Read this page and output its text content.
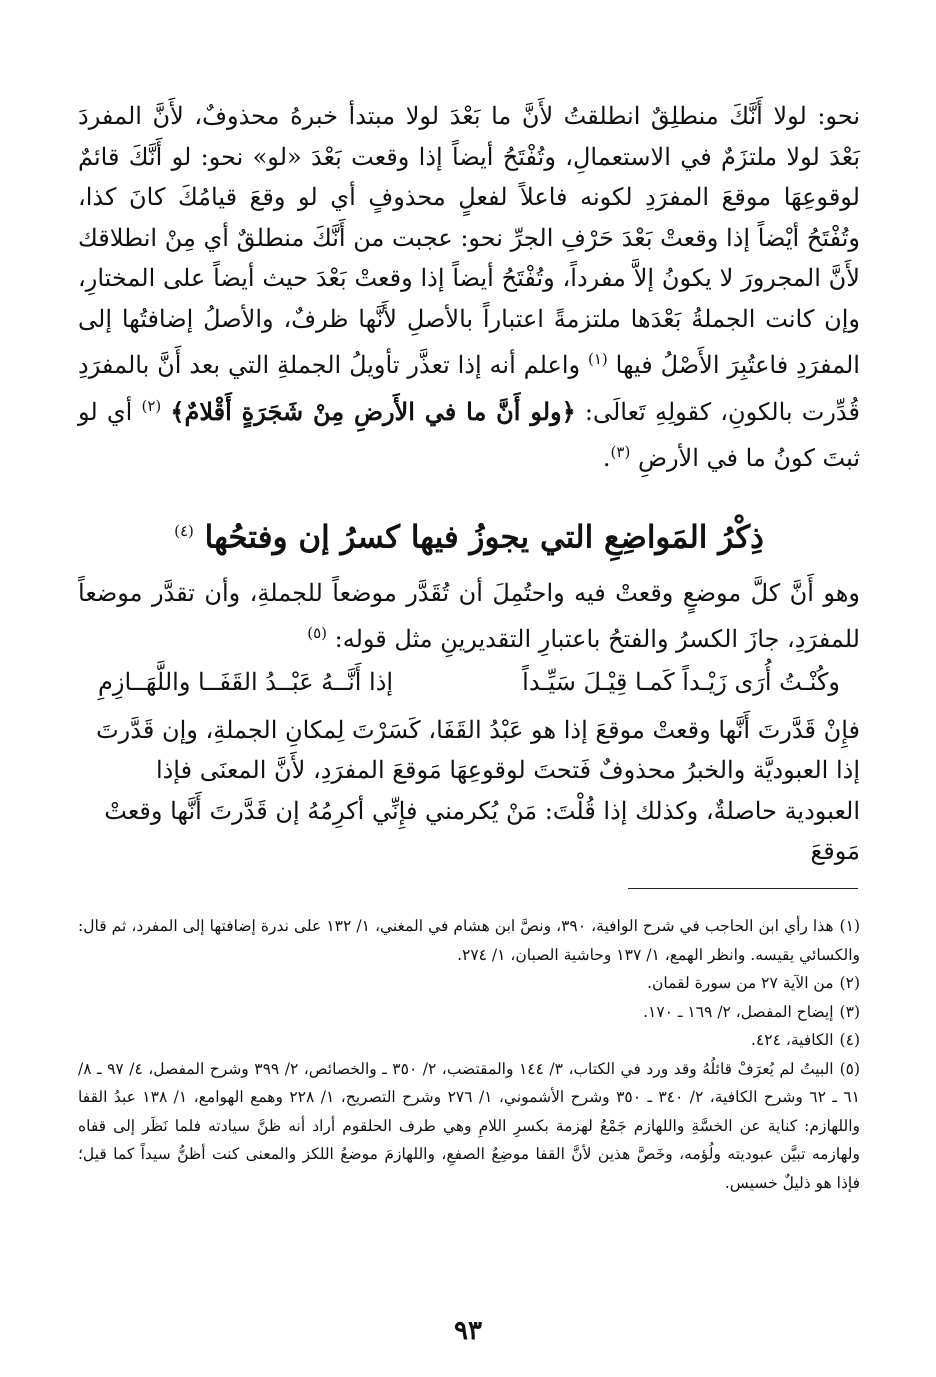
نحو: لولا أَنَّكَ منطلِقٌ انطلقتُ لأَنَّ ما بَعْدَ لولا مبتدأ خبرهُ محذوفٌ، لأَنَّ المفردَ بَعْدَ لولا ملتزَمٌ في الاستعمالِ، وتُفْتَحُ أيضاً إذا وقعت بَعْدَ «لو» نحو: لو أَنَّكَ قائمٌ لوقوعِهَا موقعَ المفرَدِ لكونه فاعلاً لفعلٍ محذوفٍ أي لو وقعَ قيامُكَ كانَ كذا، وتُفْتَحُ أيْضاً إذا وقعتْ بَعْدَ حَرْفِ الجرِّ نحو: عجبت من أَنَّكَ منطلقٌ أي مِنْ انطلاقك لأَنَّ المجرورَ لا يكونُ إلاَّ مفرداً، وتُفْتَحُ أيضاً إذا وقعتْ بَعْدَ حيث أيضاً على المختارِ، وإن كانت الجملةُ بَعْدَها ملتزمةً اعتباراً بالأصلِ لأَنَّها ظرفٌ، والأصلُ إضافتُها إلى المفرَدِ فاعتُبِرَ الأَصْلُ فيها $^{(١)}$ واعلم أنه إذا تعذَّر تأويلُ الجملةِ التي بعد أَنَّ بالمفرَدِ قُدِّرت بالكونِ، كقولِهِ تَعالَى: ﴿ولو أَنَّ ما في الأَرضِ مِنْ شَجَرَةٍ أَقْلامٌ﴾ $^{(٢)}$ أي لو ثبتَ كونُ ما في الأرضِ $^{(٣)}$.

ذِكْرُ المَواضِعِ التي يجوزُ فيها كسرُ إن وفتحُها $^{(٤)}$

وهو أَنَّ كلَّ موضعٍ وقعتْ فيه واحتُمِلَ أن تُقَدَّر موضعاً للجملةِ، وأن تقدَّر موضعاً للمفرَدِ، جازَ الكسرُ والفتحُ باعتبارِ التقديرينِ مثل قوله: $^{(٥)}$

وكُنْـتُ أُرَى زَيْـداً كَمـا قِيْـلَ سَيِّـداً
إذا أَنَّــهُ عَبْــدُ القَفَــا واللَّهَــازِمِ

فإِنْ قَدَّرتَ أَنَّها وقعتْ موقعَ إذا هو عَبْدُ القَفَا، كَسَرْتَ لِمكانِ الجملةِ، وإن قَدَّرتَ إذا العبوديَّة والخبرُ محذوفٌ فَتحتَ لوقوعِهَا مَوقعَ المفرَدِ، لأَنَّ المعنَى فإذا العبودية حاصلةٌ، وكذلك إذا قُلْتَ: مَنْ يُكرمني فإِنِّي أكرِمُهُ إن قَدَّرتَ أَنَّها وقعتْ مَوقعَ

(١)هذا رأي ابن الحاجب في شرح الوافية، ٣٩٠، ونصَّ ابن هشام في المغني، ١/ ١٣٢ على ندرة إضافتها إلى المفرد، ثم قال: والكسائي يقيسه. وانظر الهمع، ١/ ١٣٧ وحاشية الصبان، ١/ ٢٧٤.

(٢)من الآية ٢٧ من سورة لقمان.

(٣)إيضاح المفصل، ٢/ ١٦٩ ـ ١٧٠.

(٤)الكافية، ٤٢٤.

(٥)البيتُ لم يُعرَفْ قائلُهُ وقد ورد في الكتاب، ٣/ ١٤٤ والمقتضب، ٢/ ٣٥٠ ـ والخصائص، ٢/ ٣٩٩ وشرح المفصل، ٤/ ٩٧ ـ ٨/ ٦١ ـ ٦٢ وشرح الكافية، ٢/ ٣٤٠ ـ ٣٥٠ وشرح الأشموني، ١/ ٢٧٦ وشرح التصريح، ١/ ٢٢٨ وهمع الهوامع، ١/ ١٣٨ عبدُ القفا واللهازم: كناية عن الخسَّةِ واللهازم جَمْعُ لهزمة بكسرِ اللامِ وهي طرف الحلقوم أراد أنه ظنَّ سيادته فلما نَظَر إلى قفاه ولهازمه تبيَّن عبوديته ولُؤمه، وخَصَّ هذين لأنَّ القفا موضِعُ الصفعِ، واللهازمَ موضعُ اللكز والمعنى كنت أظنُّ سيداً كما قيل؛ فإذا هو ذليلٌ خسيس.

٩٣
